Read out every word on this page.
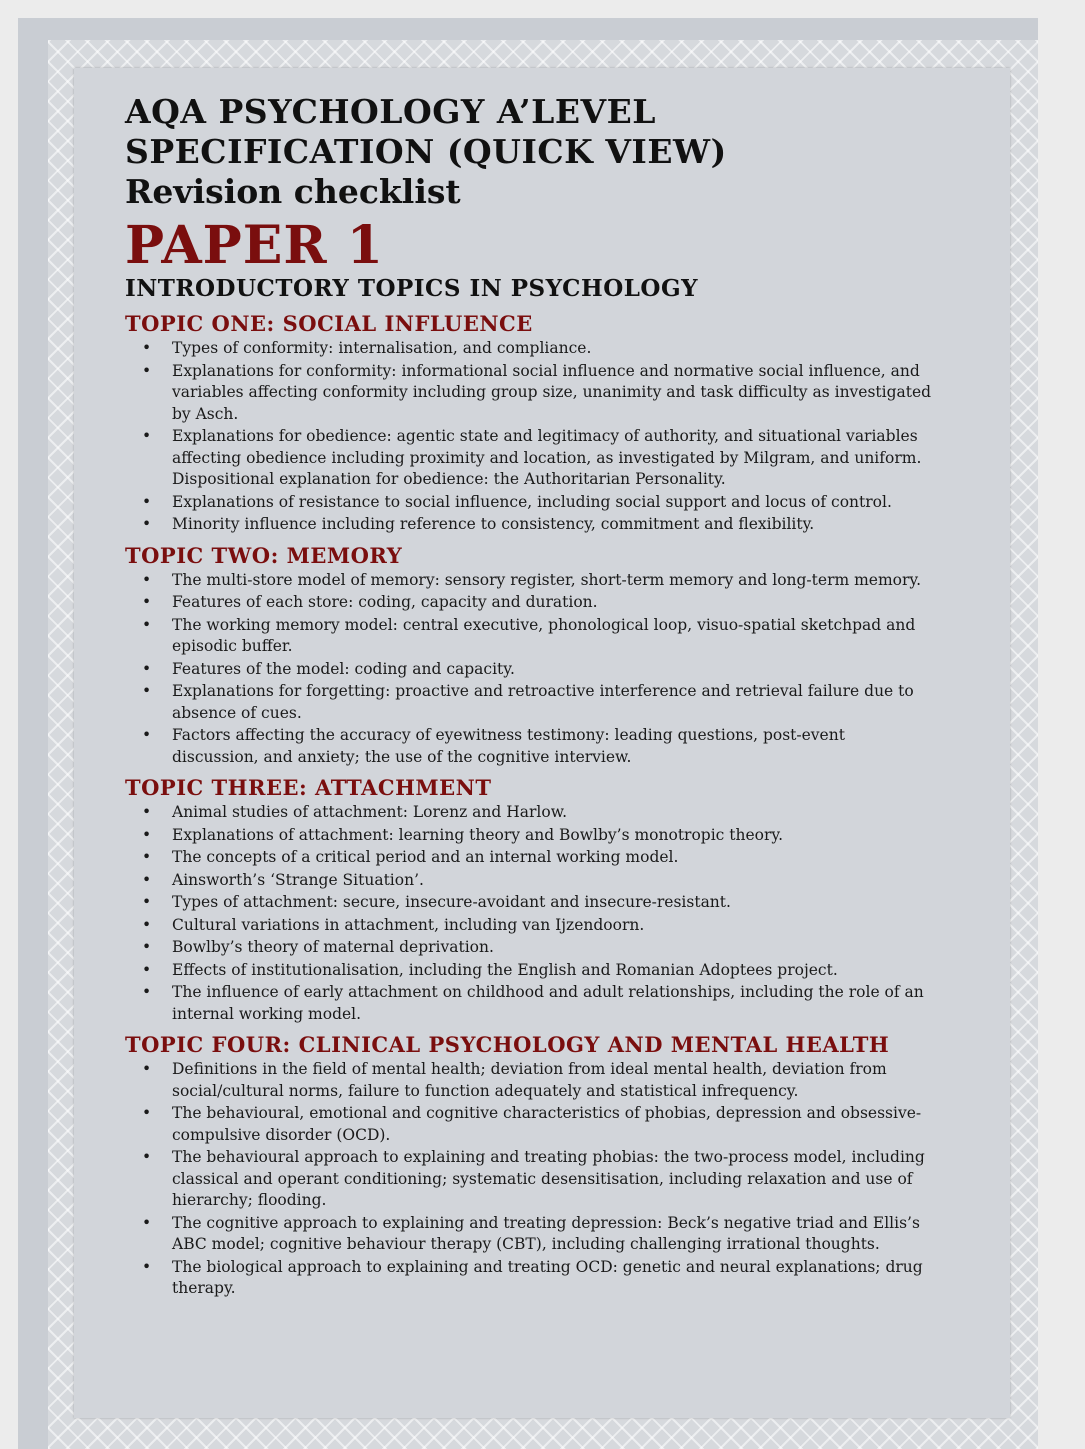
AQA PSYCHOLOGY A’LEVEL
SPECIFICATION (QUICK VIEW)
Revision checklist
PAPER 1
INTRODUCTORY TOPICS IN PSYCHOLOGY
TOPIC ONE: SOCIAL INFLUENCE
• Types of conformity: internalisation, and compliance.
• Explanations for conformity: informational social influence and normative social influence, and variables affecting conformity including group size, unanimity and task difficulty as investigated by Asch.
• Explanations for obedience: agentic state and legitimacy of authority, and situational variables affecting obedience including proximity and location, as investigated by Milgram, and uniform. Dispositional explanation for obedience: the Authoritarian Personality.
• Explanations of resistance to social influence, including social support and locus of control.
• Minority influence including reference to consistency, commitment and flexibility.
TOPIC TWO: MEMORY
• The multi-store model of memory: sensory register, short-term memory and long-term memory.
• Features of each store: coding, capacity and duration.
• The working memory model: central executive, phonological loop, visuo-spatial sketchpad and episodic buffer.
• Features of the model: coding and capacity.
• Explanations for forgetting: proactive and retroactive interference and retrieval failure due to absence of cues.
• Factors affecting the accuracy of eyewitness testimony: leading questions, post-event discussion, and anxiety; the use of the cognitive interview.
TOPIC THREE: ATTACHMENT
• Animal studies of attachment: Lorenz and Harlow.
• Explanations of attachment: learning theory and Bowlby’s monotropic theory.
• The concepts of a critical period and an internal working model.
• Ainsworth’s ‘Strange Situation’.
• Types of attachment: secure, insecure-avoidant and insecure-resistant.
• Cultural variations in attachment, including van Ijzendoorn.
• Bowlby’s theory of maternal deprivation.
• Effects of institutionalisation, including the English and Romanian Adoptees project.
• The influence of early attachment on childhood and adult relationships, including the role of an internal working model.
TOPIC FOUR: CLINICAL PSYCHOLOGY AND MENTAL HEALTH
• Definitions in the field of mental health; deviation from ideal mental health, deviation from social/cultural norms, failure to function adequately and statistical infrequency.
• The behavioural, emotional and cognitive characteristics of phobias, depression and obsessive-compulsive disorder (OCD).
• The behavioural approach to explaining and treating phobias: the two-process model, including classical and operant conditioning; systematic desensitisation, including relaxation and use of hierarchy; flooding.
• The cognitive approach to explaining and treating depression: Beck’s negative triad and Ellis’s ABC model; cognitive behaviour therapy (CBT), including challenging irrational thoughts.
• The biological approach to explaining and treating OCD: genetic and neural explanations; drug therapy.
